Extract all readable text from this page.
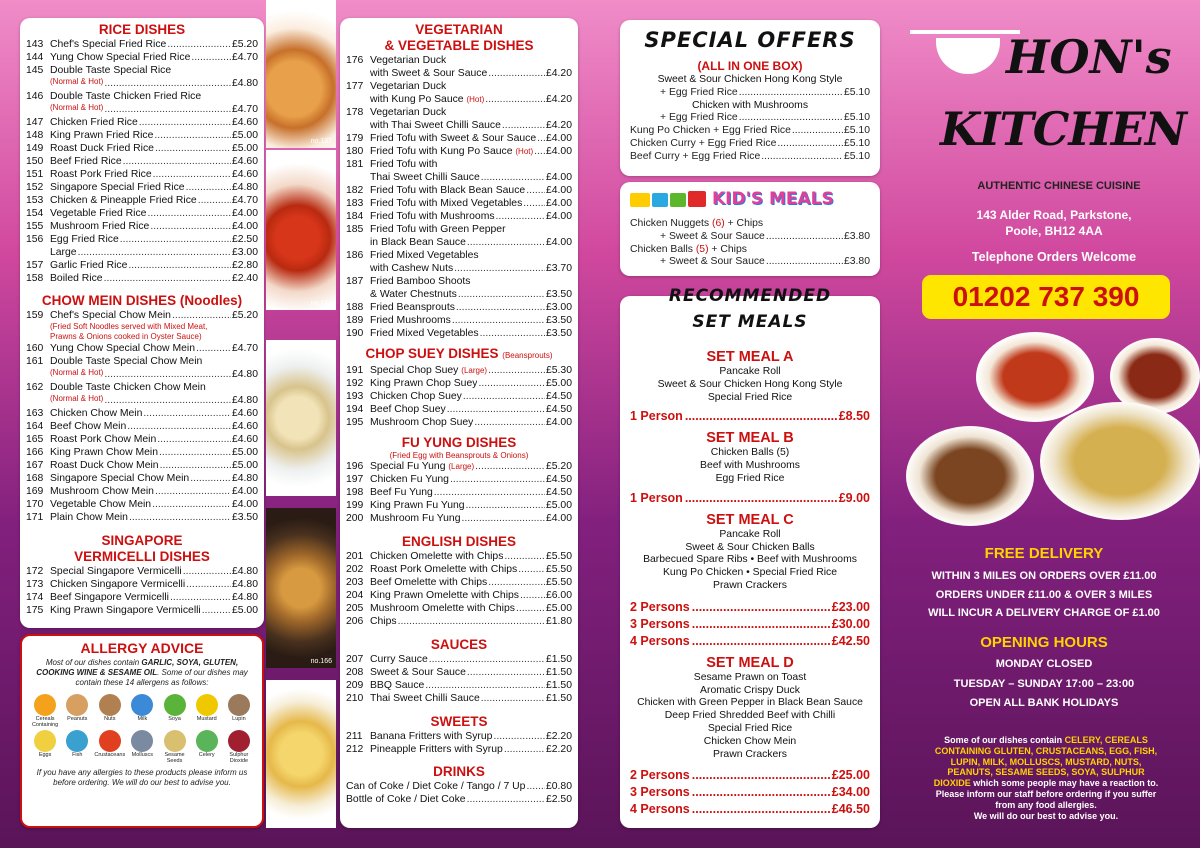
RICE DISHES
143 Chef's Special Fried Rice .....	£5.20
144 Yung Chow Special Fried Rice .....	£4.70
145 Double Taste Special Rice
(Normal & Hot) .....	£4.80
146 Double Taste Chicken Fried Rice
(Normal & Hot) .....	£4.70
147 Chicken Fried Rice .....	£4.60
148 King Prawn Fried Rice .....	£5.00
149 Roast Duck Fried Rice .....	£5.00
150 Beef Fried Rice .....	£4.60
151 Roast Pork Fried Rice .....	£4.60
152 Singapore Special Fried Rice .....	£4.80
153 Chicken & Pineapple Fried Rice .....	£4.70
154 Vegetable Fried Rice .....	£4.00
155 Mushroom Fried Rice .....	£4.00
156 Egg Fried Rice .....	£2.50
Large .....	£3.00
157 Garlic Fried Rice .....	£2.80
158 Boiled Rice .....	£2.40
CHOW MEIN DISHES (Noodles)
159 Chef's Special Chow Mein .....	£5.20
(Fried Soft Noodles served with Mixed Meat, Prawns & Onions cooked in Oyster Sauce)
160 Yung Chow Special Chow Mein .....	£4.70
161 Double Taste Special Chow Mein
(Normal & Hot) .....	£4.80
162 Double Taste Chicken Chow Mein
(Normal & Hot) .....	£4.80
163 Chicken Chow Mein .....	£4.60
164 Beef Chow Mein .....	£4.60
165 Roast Pork Chow Mein .....	£4.60
166 King Prawn Chow Mein .....	£5.00
167 Roast Duck Chow Mein .....	£5.00
168 Singapore Special Chow Mein .....	£4.80
169 Mushroom Chow Mein .....	£4.00
170 Vegetable Chow Mein .....	£4.00
171 Plain Chow Mein .....	£3.50
SINGAPORE
VERMICELLI DISHES
172 Special Singapore Vermicelli .....	£4.80
173 Chicken Singapore Vermicelli .....	£4.80
174 Beef Singapore Vermicelli .....	£4.80
175 King Prawn Singapore Vermicelli .....	£5.00
ALLERGY ADVICE
Most of our dishes contain GARLIC, SOYA, GLUTEN, COOKING WINE & SESAME OIL. Some of our dishes may contain these 14 allergens as follows:
Cereals Containing
Peanuts	Nuts	Milk	Soya	Mustard	Lupin
Eggs	Fish	Crustaceans	Molluscs	Sesame Seeds
Celery	Sulphur Dioxide
If you have any allergies to these products please inform us before ordering. We will do our best to advise you.
no.137
no.142
no.144
no.166
no.199
VEGETARIAN
& VEGETABLE DISHES
176 Vegetarian Duck
with Sweet & Sour Sauce .....	£4.20
177 Vegetarian Duck
with Kung Po Sauce (Hot) .....	£4.20
178 Vegetarian Duck
with Thai Sweet Chilli Sauce .....	£4.20
179 Fried Tofu with Sweet & Sour Sauce ..... £4.00
180 Fried Tofu with Kung Po Sauce (Hot) ..... £4.00
181 Fried Tofu with
Thai Sweet Chilli Sauce .....	£4.00
182 Fried Tofu with Black Bean Sauce ..... £4.00
183 Fried Tofu with Mixed Vegetables ..... £4.00
184 Fried Tofu with Mushrooms .....	£4.00
185 Fried Tofu with Green Pepper
in Black Bean Sauce .....	£4.00
186 Fried Mixed Vegetables
with Cashew Nuts .....	£3.70
187 Fried Bamboo Shoots
& Water Chestnuts .....	£3.50
188 Fried Beansprouts .....	£3.00
189 Fried Mushrooms .....	£3.50
190 Fried Mixed Vegetables .....	£3.50
CHOP SUEY DISHES (Beansprouts)
191 Special Chop Suey (Large) .....	£5.30
192 King Prawn Chop Suey .....	£5.00
193 Chicken Chop Suey .....	£4.50
194 Beef Chop Suey .....	£4.50
195 Mushroom Chop Suey .....	£4.00
FU YUNG DISHES
(Fried Egg with Beansprouts & Onions)
196 Special Fu Yung (Large) .....	£5.20
197 Chicken Fu Yung .....	£4.50
198 Beef Fu Yung .....	£4.50
199 King Prawn Fu Yung .....	£5.00
200 Mushroom Fu Yung .....	£4.00
ENGLISH DISHES
201 Chicken Omelette with Chips .....	£5.50
202 Roast Pork Omelette with Chips .....	£5.50
203 Beef Omelette with Chips .....	£5.50
204 King Prawn Omelette with Chips .....	£6.00
205 Mushroom Omelette with Chips .....	£5.00
206 Chips .....	£1.80
SAUCES
207 Curry Sauce .....	£1.50
208 Sweet & Sour Sauce .....	£1.50
209 BBQ Sauce .....	£1.50
210 Thai Sweet Chilli Sauce .....	£1.50
SWEETS
211 Banana Fritters with Syrup .....	£2.20
212 Pineapple Fritters with Syrup .....	£2.20
DRINKS
Can of Coke / Diet Coke / Tango / 7 Up ..... £0.80
Bottle of Coke / Diet Coke .....	£2.50
SPECIAL OFFERS
(ALL IN ONE BOX)
Sweet & Sour Chicken Hong Kong Style
+ Egg Fried Rice .....	£5.10
Chicken with Mushrooms
+ Egg Fried Rice .....	£5.10
Kung Po Chicken + Egg Fried Rice .....	£5.10
Chicken Curry + Egg Fried Rice .....	£5.10
Beef Curry + Egg Fried Rice .....	£5.10
KID'S MEALS
Chicken Nuggets (6) + Chips
+ Sweet & Sour Sauce .....	£3.80
Chicken Balls (5) + Chips
+ Sweet & Sour Sauce .....	£3.80
RECOMMENDED
SET MEALS
SET MEAL A
Pancake Roll
Sweet & Sour Chicken Hong Kong Style
Special Fried Rice
1 Person .....	£8.50
SET MEAL B
Chicken Balls (5)
Beef with Mushrooms
Egg Fried Rice
1 Person .....	£9.00
SET MEAL C
Pancake Roll
Sweet & Sour Chicken Balls
Barbecued Spare Ribs • Beef with Mushrooms
Kung Po Chicken • Special Fried Rice
Prawn Crackers
2 Persons .....	£23.00
3 Persons .....	£30.00
4 Persons .....	£42.50
SET MEAL D
Sesame Prawn on Toast
Aromatic Crispy Duck
Chicken with Green Pepper in Black Bean Sauce
Deep Fried Shredded Beef with Chilli
Special Fried Rice
Chicken Chow Mein
Prawn Crackers
2 Persons .....	£25.00
3 Persons .....	£34.00
4 Persons .....	£46.50
HON's
KITCHEN
AUTHENTIC CHINESE CUISINE
143 Alder Road, Parkstone,
Poole, BH12 4AA
Telephone Orders Welcome
01202 737 390
FREE DELIVERY
WITHIN 3 MILES ON ORDERS OVER £11.00
ORDERS UNDER £11.00 & OVER 3 MILES
WILL INCUR A DELIVERY CHARGE OF £1.00
OPENING HOURS
MONDAY CLOSED
TUESDAY – SUNDAY 17:00 – 23:00
OPEN ALL BANK HOLIDAYS
Some of our dishes contain CELERY, CEREALS CONTAINING GLUTEN, CRUSTACEANS, EGG, FISH, LUPIN, MILK, MOLLUSCS, MUSTARD, NUTS, PEANUTS, SESAME SEEDS, SOYA, SULPHUR DIOXIDE which some people may have a reaction to. Please inform our staff before ordering if you suffer from any food allergies.
We will do our best to advise you.
